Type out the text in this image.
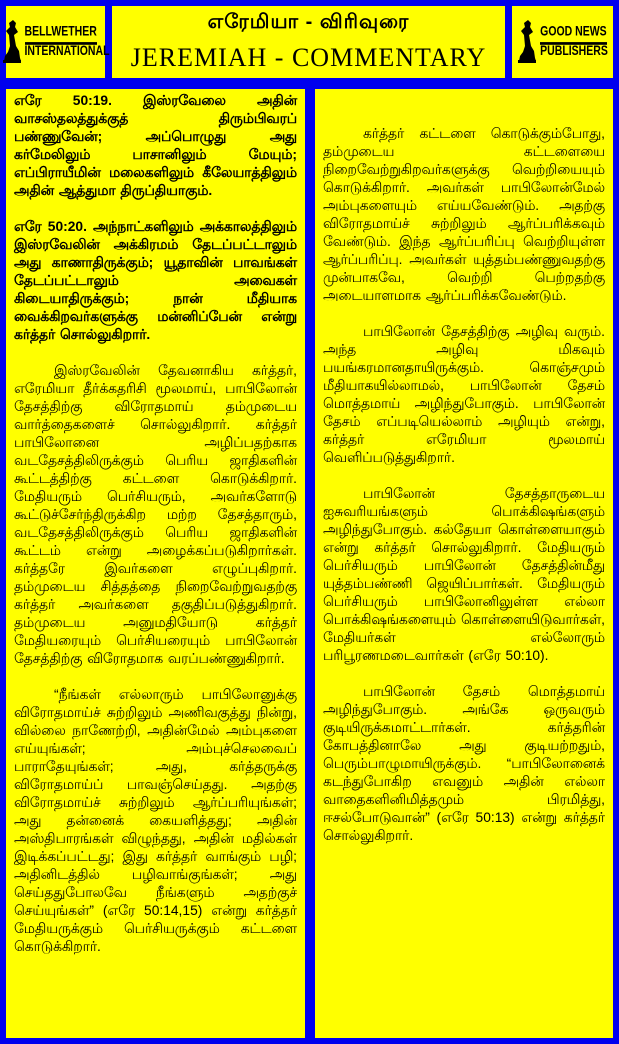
BELLWETHER
INTERNATIONAL
எரேமியா - விரிவுரை
JEREMIAH - COMMENTARY
GOOD NEWS
PUBLISHERS

எரே 50:19. இஸ்ரவேலை அதின் வாசஸ்தலத்துக்குத் திரும்பிவரப் பண்ணுவேன்; அப்பொழுது அது கர்மேலிலும் பாசானிலும் மேயும்; எப்பிராயீமின் மலைகளிலும் கீலேயாத்திலும் அதின் ஆத்துமா திருப்தியாகும்.

எரே 50:20. அந்நாட்களிலும் அக்காலத்திலும் இஸ்ரவேலின் அக்கிரமம் தேடப்பட்டாலும் அது காணாதிருக்கும்; யூதாவின் பாவங்கள் தேடப்பட்டாலும் அவைகள் கிடையாதிருக்கும்; நான் மீதியாக வைக்கிறவர்களுக்கு மன்னிப்பேன் என்று கர்த்தர் சொல்லுகிறார்.

இஸ்ரவேலின் தேவனாகிய கர்த்தர், எரேமியா தீர்க்கதரிசி மூலமாய், பாபிலோன் தேசத்திற்கு விரோதமாய் தம்முடைய வார்த்தைகளைச் சொல்லுகிறார். கர்த்தர் பாபிலோனை அழிப்பதற்காக வடதேசத்திலிருக்கும் பெரிய ஜாதிகளின் கூட்டத்திற்கு கட்டளை கொடுக்கிறார். மேதியரும் பெர்சியரும், அவர்களோடு கூட்டுச்சேர்ந்திருக்கிற மற்ற தேசத்தாரும், வடதேசத்திலிருக்கும் பெரிய ஜாதிகளின் கூட்டம் என்று அழைக்கப்படுகிறார்கள். கர்த்தரே இவர்களை எழுப்புகிறார். தம்முடைய சித்தத்தை நிறைவேற்றுவதற்கு கர்த்தர் அவர்களை தகுதிப்படுத்துகிறார். தம்முடைய அனுமதியோடு கர்த்தர் மேதியரையும் பெர்சியரையும் பாபிலோன் தேசத்திற்கு விரோதமாக வரப்பண்ணுகிறார்.

“நீங்கள் எல்லாரும் பாபிலோனுக்கு விரோதமாய்ச் சுற்றிலும் அணிவகுத்து நின்று, வில்லை நாணேற்றி, அதின்மேல் அம்புகளை எய்யுங்கள்; அம்புச்செலவைப் பாராதேயுங்கள்; அது, கர்த்தருக்கு விரோதமாய்ப் பாவஞ்செய்தது. அதற்கு விரோதமாய்ச் சுற்றிலும் ஆர்ப்பரியுங்கள்; அது தன்னைக் கையளித்தது; அதின் அஸ்திபாரங்கள் விழுந்தது, அதின் மதில்கள் இடிக்கப்பட்டது; இது கர்த்தர் வாங்கும் பழி; அதினிடத்தில் பழிவாங்குங்கள்; அது செய்ததுபோலவே நீங்களும் அதற்குச் செய்யுங்கள்” (எரே 50:14,15) என்று கர்த்தர் மேதியருக்கும் பெர்சியருக்கும் கட்டளை கொடுக்கிறார்.

கர்த்தர் கட்டளை கொடுக்கும்போது, தம்முடைய கட்டளையை நிறைவேற்றுகிறவர்களுக்கு வெற்றியையும் கொடுக்கிறார். அவர்கள் பாபிலோன்மேல் அம்புகளையும் எய்யவேண்டும். அதற்கு விரோதமாய்ச் சுற்றிலும் ஆர்ப்பரிக்கவும் வேண்டும். இந்த ஆர்ப்பரிப்பு வெற்றியுள்ள ஆர்ப்பரிப்பு. அவர்கள் யுத்தம்பண்ணுவதற்கு முன்பாகவே, வெற்றி பெற்றதற்கு அடையாளமாக ஆர்ப்பரிக்கவேண்டும்.

பாபிலோன் தேசத்திற்கு அழிவு வரும். அந்த அழிவு மிகவும் பயங்கரமானதாயிருக்கும். கொஞ்சமும் மீதியாகயில்லாமல், பாபிலோன் தேசம் மொத்தமாய் அழிந்துபோகும். பாபிலோன் தேசம் எப்படியெல்லாம் அழியும் என்று, கர்த்தர் எரேமியா மூலமாய் வெளிப்படுத்துகிறார்.

பாபிலோன் தேசத்தாருடைய ஐசுவரியங்களும் பொக்கிஷங்களும் அழிந்துபோகும். கல்தேயா கொள்ளையாகும் என்று கர்த்தர் சொல்லுகிறார். மேதியரும் பெர்சியரும் பாபிலோன் தேசத்தின்மீது யுத்தம்பண்ணி ஜெயிப்பார்கள். மேதியரும் பெர்சியரும் பாபிலோனிலுள்ள எல்லா பொக்கிஷங்களையும் கொள்ளையிடுவார்கள், மேதியர்கள் எல்லோரும் பரிபூரணமடைவார்கள் (எரே 50:10).

பாபிலோன் தேசம் மொத்தமாய் அழிந்துபோகும். அங்கே ஒருவரும் குடியிருக்கமாட்டார்கள். கர்த்தரின் கோபத்தினாலே அது குடியற்றதும், பெரும்பாழுமாயிருக்கும். “பாபிலோனைக் கடந்துபோகிற எவனும் அதின் எல்லா வாதைகளினிமித்தமும் பிரமித்து, ஈசல்போடுவான்” (எரே 50:13) என்று கர்த்தர் சொல்லுகிறார்.
